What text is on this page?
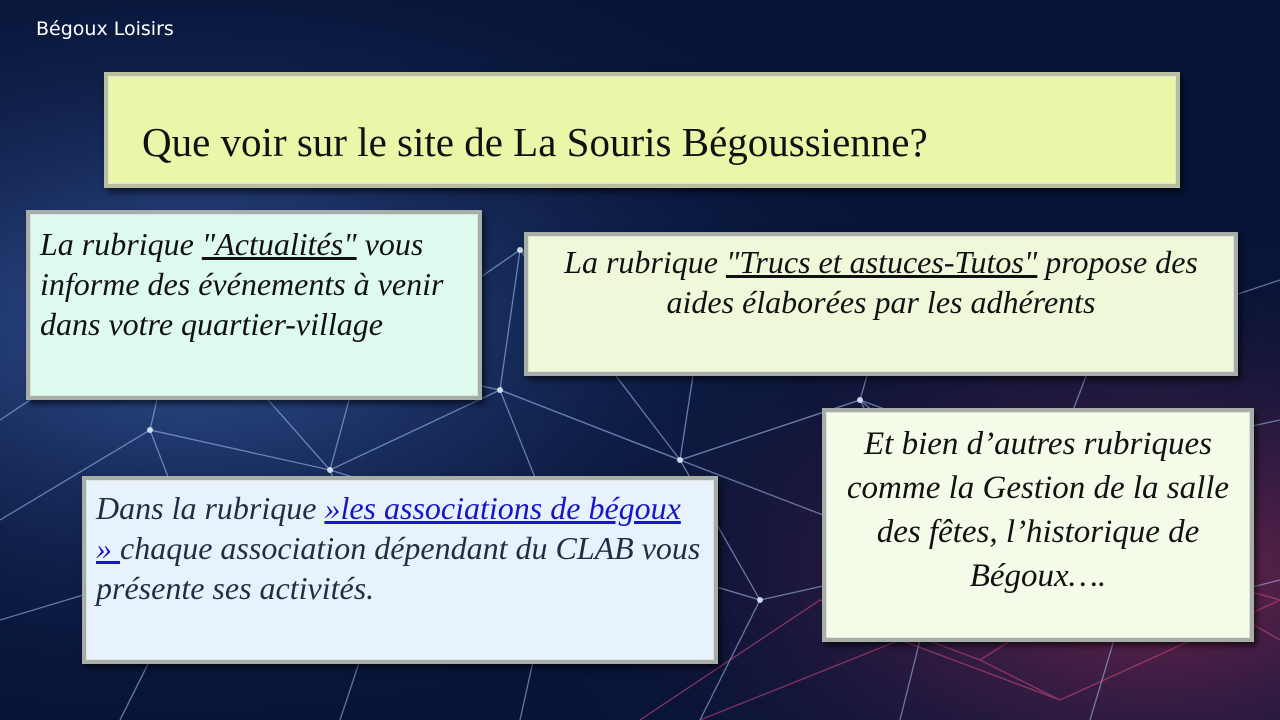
Bégoux Loisirs
Que voir sur le site de La Souris Bégoussienne?

La rubrique "Actualités" vous informe des événements à venir dans votre quartier-village

La rubrique "Trucs et astuces-Tutos" propose des aides élaborées par les adhérents

Dans la rubrique »les associations de bégoux » chaque association dépendant du CLAB vous présente ses activités.

Et bien d’autres rubriques comme la Gestion de la salle des fêtes, l’historique de Bégoux….
